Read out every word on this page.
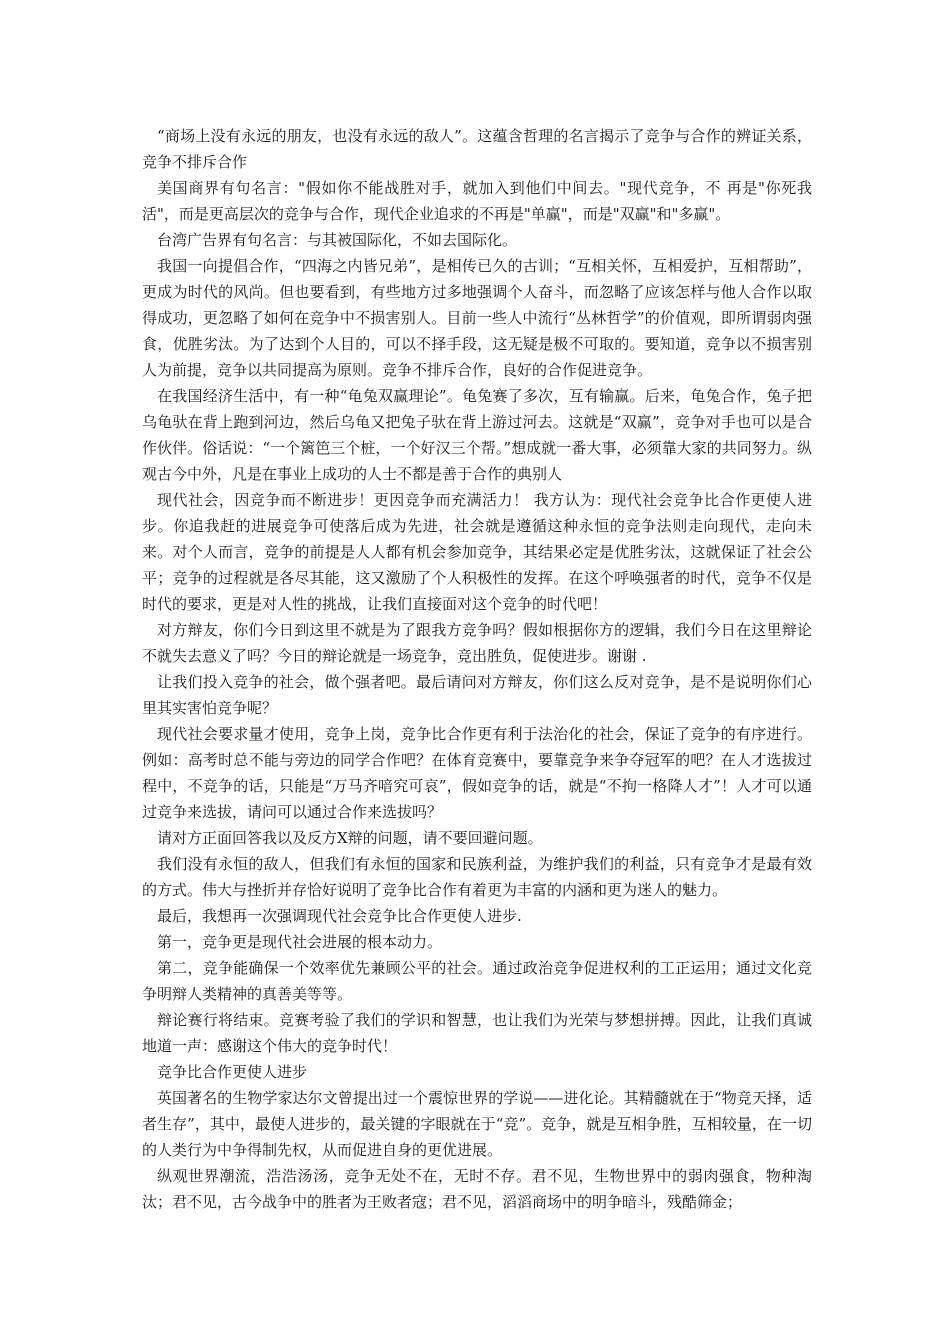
“商场上没有永远的朋友，也没有永远的敌人”。这蕴含哲理的名言揭示了竞争与合作的辨证关系，竞争不排斥合作

美国商界有句名言："假如你不能战胜对手，就加入到他们中间去。"现代竞争，不 再是"你死我活"，而是更高层次的竞争与合作，现代企业追求的不再是"单赢"，而是"双赢"和"多赢"。

台湾广告界有句名言：与其被国际化，不如去国际化。

我国一向提倡合作，“四海之内皆兄弟”，是相传已久的古训；“互相关怀，互相爱护，互相帮助”，更成为时代的风尚。但也要看到，有些地方过多地强调个人奋斗，而忽略了应该怎样与他人合作以取得成功，更忽略了如何在竞争中不损害别人。目前一些人中流行“丛林哲学”的价值观，即所谓弱肉强食，优胜劣汰。为了达到个人目的，可以不择手段，这无疑是极不可取的。要知道，竞争以不损害别人为前提，竞争以共同提高为原则。竞争不排斥合作，良好的合作促进竞争。

在我国经济生活中，有一种“龟兔双赢理论”。龟兔赛了多次，互有输赢。后来，龟兔合作，兔子把乌龟驮在背上跑到河边，然后乌龟又把兔子驮在背上游过河去。这就是“双赢”，竞争对手也可以是合作伙伴。俗话说：“一个篱笆三个桩，一个好汉三个帮。”想成就一番大事，必须靠大家的共同努力。纵观古今中外，凡是在事业上成功的人士不都是善于合作的典别人

现代社会，因竞争而不断进步！更因竞争而充满活力！ 我方认为：现代社会竞争比合作更使人进步。你追我赶的进展竞争可使落后成为先进，社会就是遵循这种永恒的竞争法则走向现代，走向未来。对个人而言，竞争的前提是人人都有机会参加竞争，其结果必定是优胜劣汰，这就保证了社会公平；竞争的过程就是各尽其能，这又激励了个人积极性的发挥。在这个呼唤强者的时代，竞争不仅是时代的要求，更是对人性的挑战，让我们直接面对这个竞争的时代吧！

对方辩友，你们今日到这里不就是为了跟我方竞争吗？假如根据你方的逻辑，我们今日在这里辩论不就失去意义了吗？今日的辩论就是一场竞争，竞出胜负，促使进步。谢谢 .

让我们投入竞争的社会，做个强者吧。最后请问对方辩友，你们这么反对竞争，是不是说明你们心里其实害怕竞争呢？

现代社会要求量才使用，竞争上岗，竞争比合作更有利于法治化的社会，保证了竞争的有序进行。例如：高考时总不能与旁边的同学合作吧？在体育竞赛中，要靠竞争来争夺冠军的吧？在人才选拔过程中，不竞争的话，只能是“万马齐喑究可哀”，假如竞争的话，就是“不拘一格降人才”！人才可以通过竞争来选拔，请问可以通过合作来选拔吗？

请对方正面回答我以及反方X辩的问题，请不要回避问题。

我们没有永恒的敌人，但我们有永恒的国家和民族利益，为维护我们的利益，只有竞争才是最有效的方式。伟大与挫折并存恰好说明了竞争比合作有着更为丰富的内涵和更为迷人的魅力。

最后，我想再一次强调现代社会竞争比合作更使人进步.

第一，竞争更是现代社会进展的根本动力。

第二，竞争能确保一个效率优先兼顾公平的社会。通过政治竞争促进权利的工正运用；通过文化竞争明辩人类精神的真善美等等。

辩论赛行将结束。竞赛考验了我们的学识和智慧，也让我们为光荣与梦想拼搏。因此，让我们真诚地道一声：感谢这个伟大的竞争时代！

竞争比合作更使人进步

英国著名的生物学家达尔文曾提出过一个震惊世界的学说——进化论。其精髓就在于“物竞天择，适者生存”，其中，最使人进步的，最关键的字眼就在于“竞”。竞争，就是互相争胜，互相较量，在一切的人类行为中争得制先权，从而促进自身的更优进展。

纵观世界潮流，浩浩汤汤，竞争无处不在，无时不存。君不见，生物世界中的弱肉强食，物种淘汰；君不见，古今战争中的胜者为王败者寇；君不见，滔滔商场中的明争暗斗，残酷筛金；
